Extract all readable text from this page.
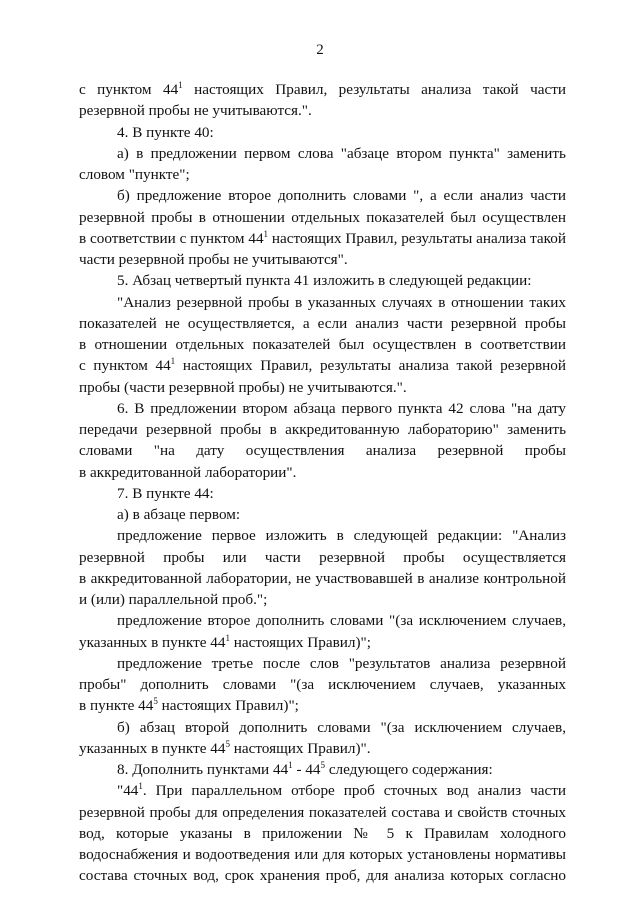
2
с пунктом $44^1$ настоящих Правил, результаты анализа такой части
резервной пробы не учитываются.".
4. В пункте 40:
а) в предложении первом слова "абзаце втором пункта" заменить
словом "пункте";
б) предложение второе дополнить словами ", а если анализ части
резервной пробы в отношении отдельных показателей был осуществлен
в соответствии с пунктом $44^1$ настоящих Правил, результаты анализа такой
части резервной пробы не учитываются".
5. Абзац четвертый пункта 41 изложить в следующей редакции:
"Анализ резервной пробы в указанных случаях в отношении таких
показателей не осуществляется, а если анализ части резервной пробы
в отношении отдельных показателей был осуществлен в соответствии
с пунктом $44^1$ настоящих Правил, результаты анализа такой резервной
пробы (части резервной пробы) не учитываются.".
6. В предложении втором абзаца первого пункта 42 слова "на дату
передачи резервной пробы в аккредитованную лабораторию" заменить
словами "на дату осуществления анализа резервной пробы
в аккредитованной лаборатории".
7. В пункте 44:
а) в абзаце первом:
предложение первое изложить в следующей редакции: "Анализ
резервной пробы или части резервной пробы осуществляется
в аккредитованной лаборатории, не участвовавшей в анализе контрольной
и (или) параллельной проб.";
предложение второе дополнить словами "(за исключением случаев,
указанных в пункте $44^1$ настоящих Правил)";
предложение третье после слов "результатов анализа резервной
пробы" дополнить словами "(за исключением случаев, указанных
в пункте $44^5$ настоящих Правил)";
б) абзац второй дополнить словами "(за исключением случаев,
указанных в пункте $44^5$ настоящих Правил)".
8. Дополнить пунктами $44^1 - 44^5$ следующего содержания:
"$44^1$. При параллельном отборе проб сточных вод анализ части
резервной пробы для определения показателей состава и свойств сточных
вод, которые указаны в приложении № 5 к Правилам холодного
водоснабжения и водоотведения или для которых установлены нормативы
состава сточных вод, срок хранения проб, для анализа которых согласно
